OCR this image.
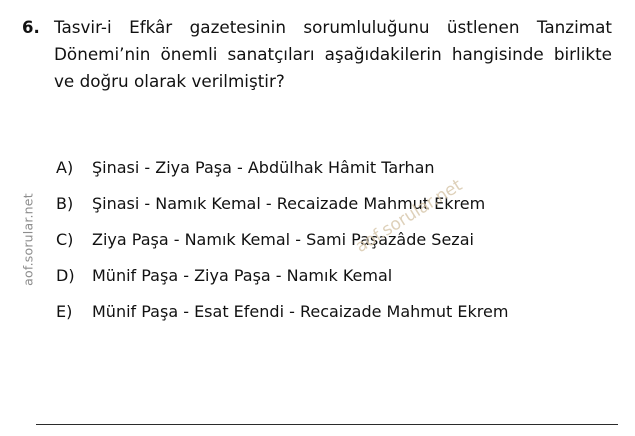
aof.sorular.net
6. Tasvir-i Efkâr gazetesinin sorumluluğunu üstlenen Tanzimat Dönemi’nin önemli sanatçıları aşağıdakilerin hangisinde birlikte ve doğru olarak verilmiştir?
A)	Şinasi - Ziya Paşa - Abdülhak Hâmit Tarhan
B)	Şinasi - Namık Kemal - Recaizade Mahmut Ekrem
C)	Ziya Paşa - Namık Kemal - Sami Paşazâde Sezai
D)	Münif Paşa - Ziya Paşa - Namık Kemal
E)	Münif Paşa - Esat Efendi - Recaizade Mahmut Ekrem
aof.sorular.net
